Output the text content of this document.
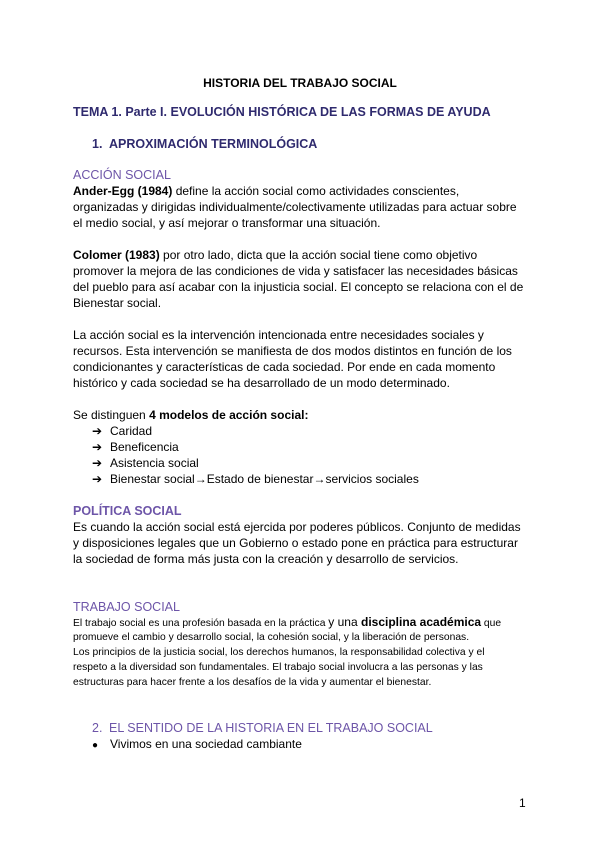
HISTORIA DEL TRABAJO SOCIAL
TEMA 1. Parte I. EVOLUCIÓN HISTÓRICA DE LAS FORMAS DE AYUDA
1. APROXIMACIÓN TERMINOLÓGICA
ACCIÓN SOCIAL
Ander-Egg (1984) define la acción social como actividades conscientes,
organizadas y dirigidas individualmente/colectivamente utilizadas para actuar sobre
el medio social, y así mejorar o transformar una situación.
Colomer (1983) por otro lado, dicta que la acción social tiene como objetivo
promover la mejora de las condiciones de vida y satisfacer las necesidades básicas
del pueblo para así acabar con la injusticia social. El concepto se relaciona con el de
Bienestar social.
La acción social es la intervención intencionada entre necesidades sociales y
recursos. Esta intervención se manifiesta de dos modos distintos en función de los
condicionantes y características de cada sociedad. Por ende en cada momento
histórico y cada sociedad se ha desarrollado de un modo determinado.
Se distinguen 4 modelos de acción social:
➔ Caridad
➔ Beneficencia
➔ Asistencia social
➔ Bienestar social→Estado de bienestar→servicios sociales
POLÍTICA SOCIAL
Es cuando la acción social está ejercida por poderes públicos. Conjunto de medidas
y disposiciones legales que un Gobierno o estado pone en práctica para estructurar
la sociedad de forma más justa con la creación y desarrollo de servicios.
TRABAJO SOCIAL
El trabajo social es una profesión basada en la práctica y una disciplina académica que
promueve el cambio y desarrollo social, la cohesión social, y la liberación de personas.
Los principios de la justicia social, los derechos humanos, la responsabilidad colectiva y el
respeto a la diversidad son fundamentales. El trabajo social involucra a las personas y las
estructuras para hacer frente a los desafíos de la vida y aumentar el bienestar.
2. EL SENTIDO DE LA HISTORIA EN EL TRABAJO SOCIAL
● Vivimos en una sociedad cambiante
1
